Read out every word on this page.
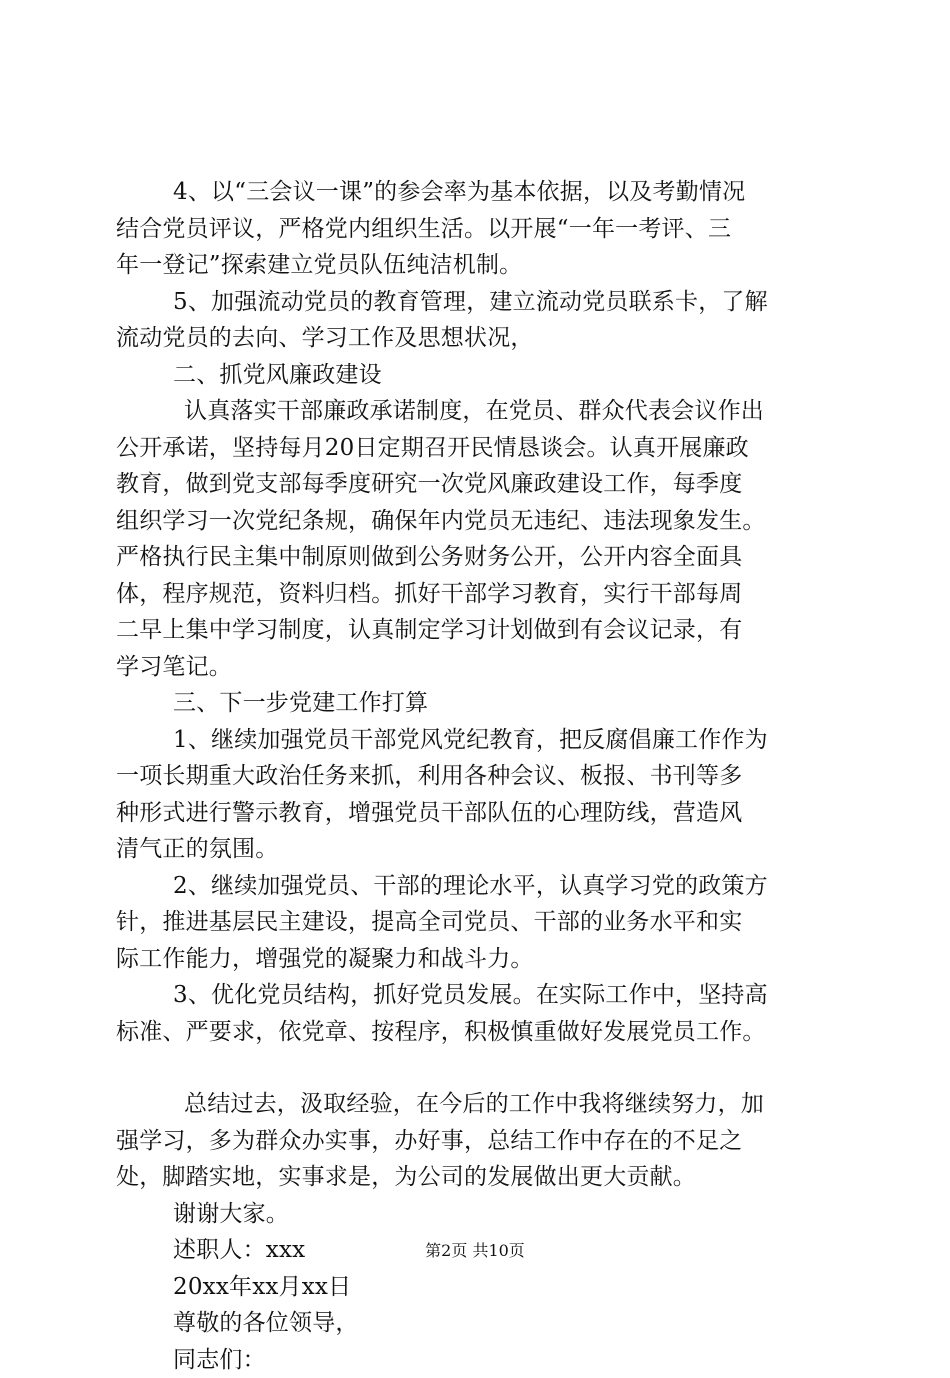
4、以“三会议一课”的参会率为基本依据，以及考勤情况
结合党员评议，严格党内组织生活。以开展“一年一考评、三
年一登记”探索建立党员队伍纯洁机制。
5、加强流动党员的教育管理，建立流动党员联系卡，了解
流动党员的去向、学习工作及思想状况，
二、抓党风廉政建设
认真落实干部廉政承诺制度，在党员、群众代表会议作出
公开承诺，坚持每月20日定期召开民情恳谈会。认真开展廉政
教育，做到党支部每季度研究一次党风廉政建设工作，每季度
组织学习一次党纪条规，确保年内党员无违纪、违法现象发生。
严格执行民主集中制原则做到公务财务公开，公开内容全面具
体，程序规范，资料归档。抓好干部学习教育，实行干部每周
二早上集中学习制度，认真制定学习计划做到有会议记录，有
学习笔记。
三、下一步党建工作打算
1、继续加强党员干部党风党纪教育，把反腐倡廉工作作为
一项长期重大政治任务来抓，利用各种会议、板报、书刊等多
种形式进行警示教育，增强党员干部队伍的心理防线，营造风
清气正的氛围。
2、继续加强党员、干部的理论水平，认真学习党的政策方
针，推进基层民主建设，提高全司党员、干部的业务水平和实
际工作能力，增强党的凝聚力和战斗力。
3、优化党员结构，抓好党员发展。在实际工作中，坚持高
标准、严要求，依党章、按程序，积极慎重做好发展党员工作。
总结过去，汲取经验，在今后的工作中我将继续努力，加
强学习，多为群众办实事，办好事，总结工作中存在的不足之
处，脚踏实地，实事求是，为公司的发展做出更大贡献。
谢谢大家。
述职人：xxx
20xx年xx月xx日
尊敬的各位领导，
同志们：
第2页 共10页
